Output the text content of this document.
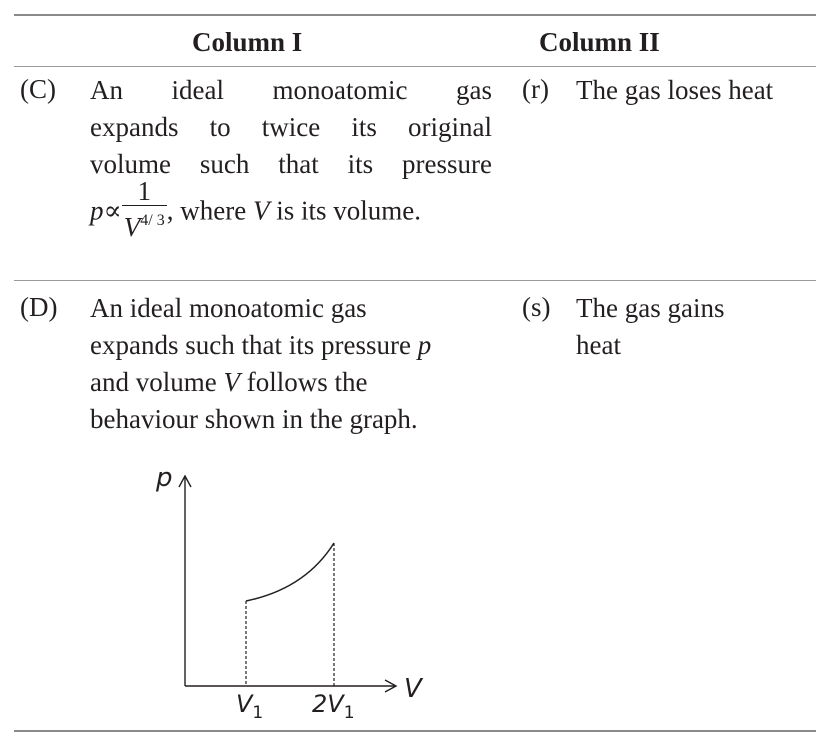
Column I	Column II
(C) An ideal monoatomic gas
expands to twice its original
volume such that its pressure
$p\propto \frac{1}{V^{4/ 3}}$ , where V is its volume.
(r) The gas loses heat
(D) An ideal monoatomic gas
expands such that its pressure p
and volume V follows the
behaviour shown in the graph.
(s) The gas gains
heat
p
V
$V_1$ $2V_1$
